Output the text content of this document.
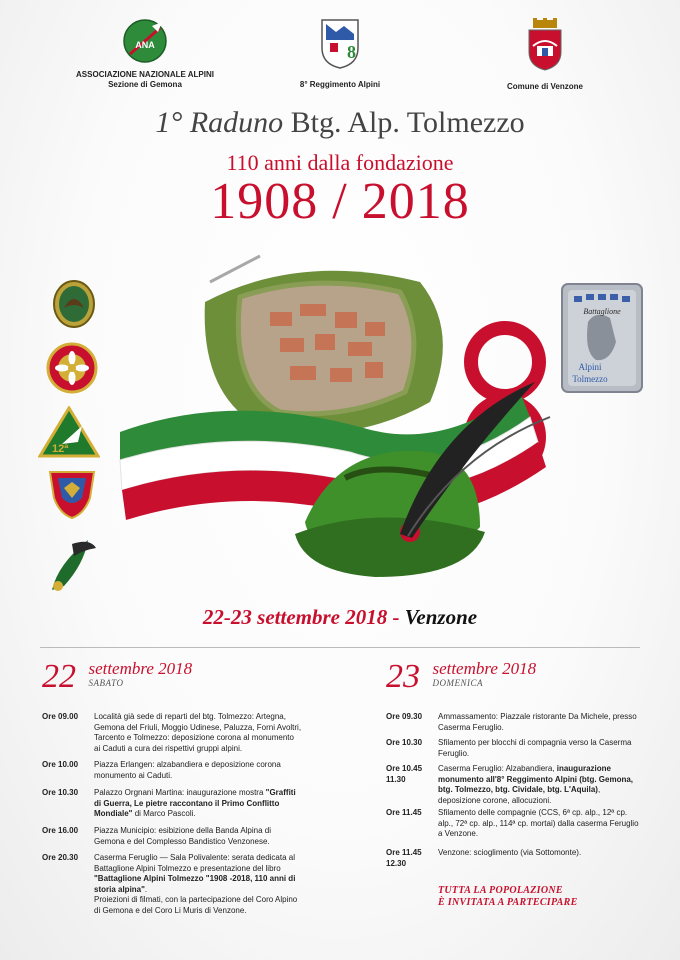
ANA
ASSOCIAZIONE NAZIONALE ALPINI
Sezione di Gemona
8
8° Reggimento Alpini	Comune di Venzone
1° Raduno Btg. Alp. Tolmezzo
110 anni dalla fondazione
1908 / 2018
12ª
Battaglione
Alpini
Tolmezzo
22-23 settembre 2018 - Venzone
22 settembre 2018
SABATO	23 settembre 2018
DOMENICA
Ore 09.00 Località già sede di reparti del btg. Tolmezzo: Artegna, Gemona del Friuli, Moggio Udinese, Paluzza, Forni Avoltri, Tarcento e Tolmezzo: deposizione corona al monumento ai Caduti a cura dei rispettivi gruppi alpini.
Ore 10.00 Piazza Erlangen: alzabandiera e deposizione corona monumento ai Caduti.
Ore 10.30 Palazzo Orgnani Martina: inaugurazione mostra "Graffiti di Guerra, Le pietre raccontano il Primo Conflitto Mondiale" di Marco Pascoli.
Ore 16.00 Piazza Municipio: esibizione della Banda Alpina di Gemona e del Complesso Bandistico Venzonese.
Ore 20.30 Caserma Feruglio — Sala Polivalente: serata dedicata al Battaglione Alpini Tolmezzo e presentazione del libro "Battaglione Alpini Tolmezzo "1908 -2018, 110 anni di storia alpina".
Proiezioni di filmati, con la partecipazione del Coro Alpino di Gemona e del Coro Li Muris di Venzone.
Ore 09.30 Ammassamento: Piazzale ristorante Da Michele, presso Caserma Feruglio.
Ore 10.30 Sfilamento per blocchi di compagnia verso la Caserma Feruglio.
Ore 10.45
11.30
Caserma Feruglio: Alzabandiera, inaugurazione monumento all'8° Reggimento Alpini (btg. Gemona, btg. Tolmezzo, btg. Cividale, btg. L'Aquila), deposizione corone, allocuzioni.
Ore 11.45 Sfilamento delle compagnie (CCS, 6ª cp. alp., 12ª cp. alp., 72ª cp. alp., 114ª cp. mortai) dalla caserma Feruglio a Venzone.
Ore 11.45
12.30
Venzone: scioglimento (via Sottomonte).
TUTTA LA POPOLAZIONE
È INVITATA A PARTECIPARE
